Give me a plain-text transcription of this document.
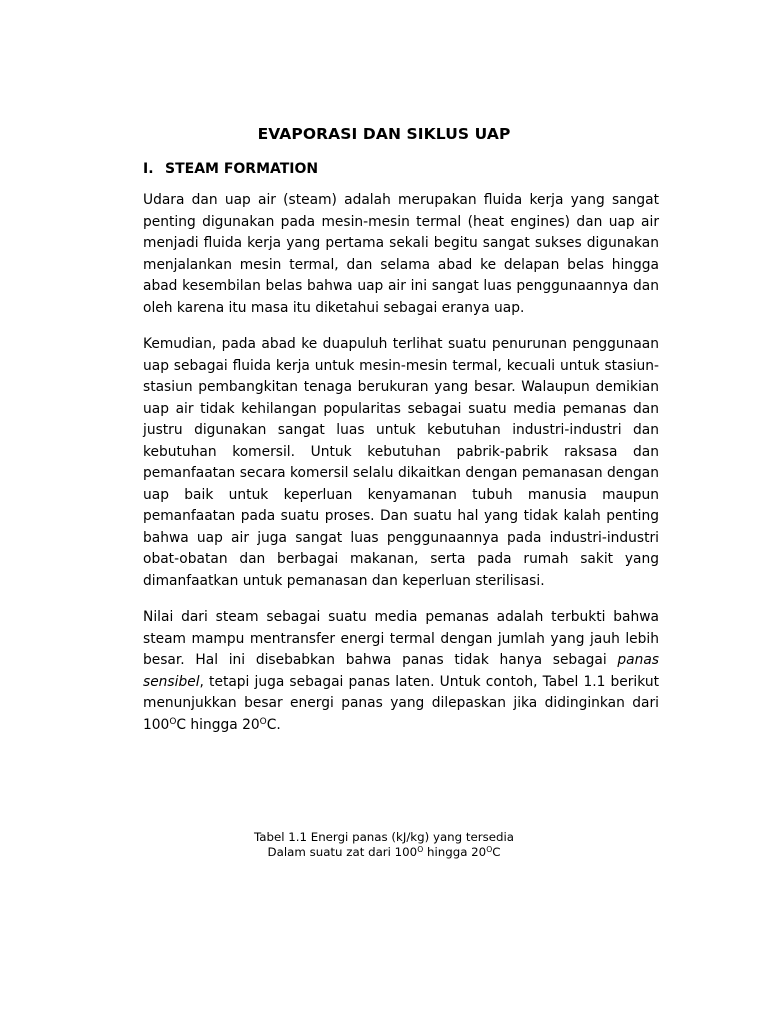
EVAPORASI DAN SIKLUS UAP
I. STEAM FORMATION

Udara dan uap air (steam) adalah merupakan fluida kerja yang sangat penting digunakan pada mesin-mesin termal (heat engines) dan uap air menjadi fluida kerja yang pertama sekali begitu sangat sukses digunakan menjalankan mesin termal, dan selama abad ke delapan belas hingga abad kesembilan belas bahwa uap air ini sangat luas penggunaannya dan oleh karena itu masa itu diketahui sebagai eranya uap.

Kemudian, pada abad ke duapuluh terlihat suatu penurunan penggunaan uap sebagai fluida kerja untuk mesin-mesin termal, kecuali untuk stasiun-stasiun pembangkitan tenaga berukuran yang besar. Walaupun demikian uap air tidak kehilangan popularitas sebagai suatu media pemanas dan justru digunakan sangat luas untuk kebutuhan industri-industri dan kebutuhan komersil. Untuk kebutuhan pabrik-pabrik raksasa dan pemanfaatan secara komersil selalu dikaitkan dengan pemanasan dengan uap baik untuk keperluan kenyamanan tubuh manusia maupun pemanfaatan pada suatu proses. Dan suatu hal yang tidak kalah penting bahwa uap air juga sangat luas penggunaannya pada industri-industri obat-obatan dan berbagai makanan, serta pada rumah sakit yang dimanfaatkan untuk pemanasan dan keperluan sterilisasi.

Nilai dari steam sebagai suatu media pemanas adalah terbukti bahwa steam mampu mentransfer energi termal dengan jumlah yang jauh lebih besar. Hal ini disebabkan bahwa panas tidak hanya sebagai panas sensibel, tetapi juga sebagai panas laten. Untuk contoh, Tabel 1.1 berikut menunjukkan besar energi panas yang dilepaskan jika didinginkan dari $100^OC$ hingga $20^OC$.

Tabel 1.1 Energi panas (kJ/kg) yang tersedia
Dalam suatu zat dari $100^O$ hingga $20^OC$
